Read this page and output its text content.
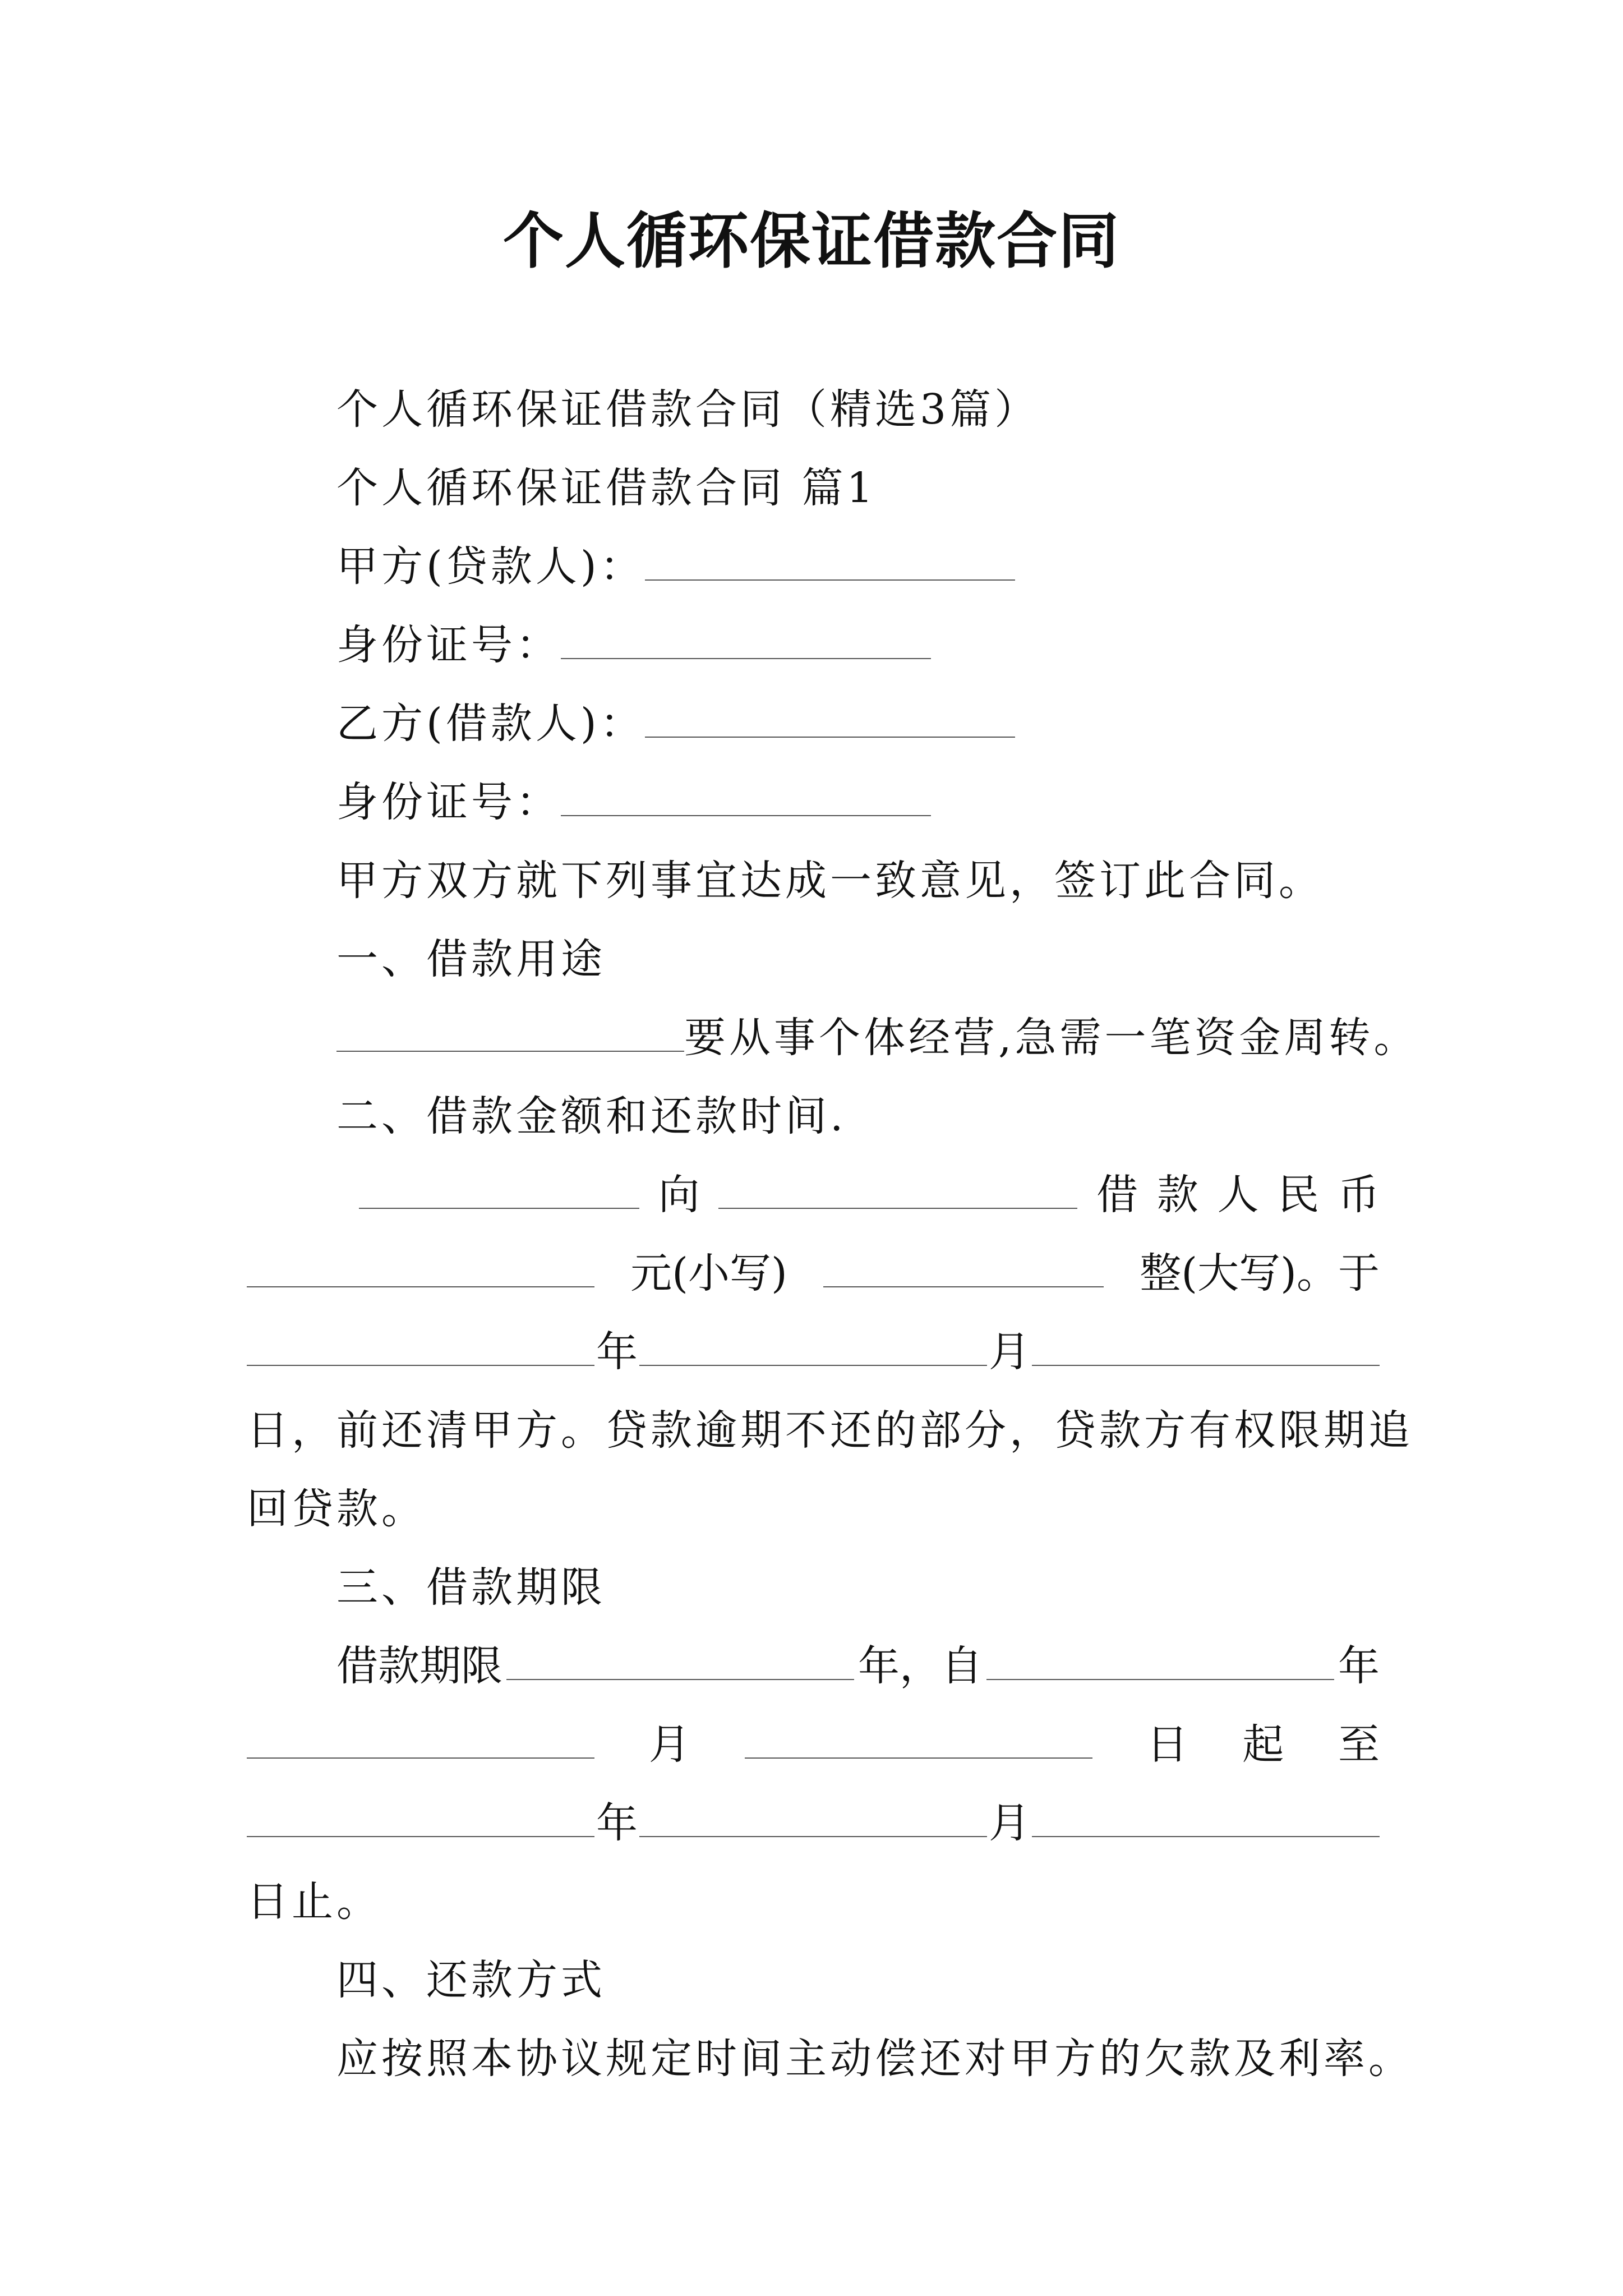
个人循环保证借款合同
个人循环保证借款合同（精选3篇）
个人循环保证借款合同 篇1
甲方(贷款人)：
身份证号：
乙方(借款人)：
身份证号：
甲方双方就下列事宜达成一致意见，签订此合同。
一、借款用途
要从事个体经营,急需一笔资金周转。
二、借款金额和还款时间.
向	借 款 人 民 币
元(小写)	整(大写)。于
年	月
日，前还清甲方。贷款逾期不还的部分，贷款方有权限期追
回贷款。
三、借款期限
借款期限	年，自	年
月	日 起 至
年	月
日止。
四、还款方式
应按照本协议规定时间主动偿还对甲方的欠款及利率。
